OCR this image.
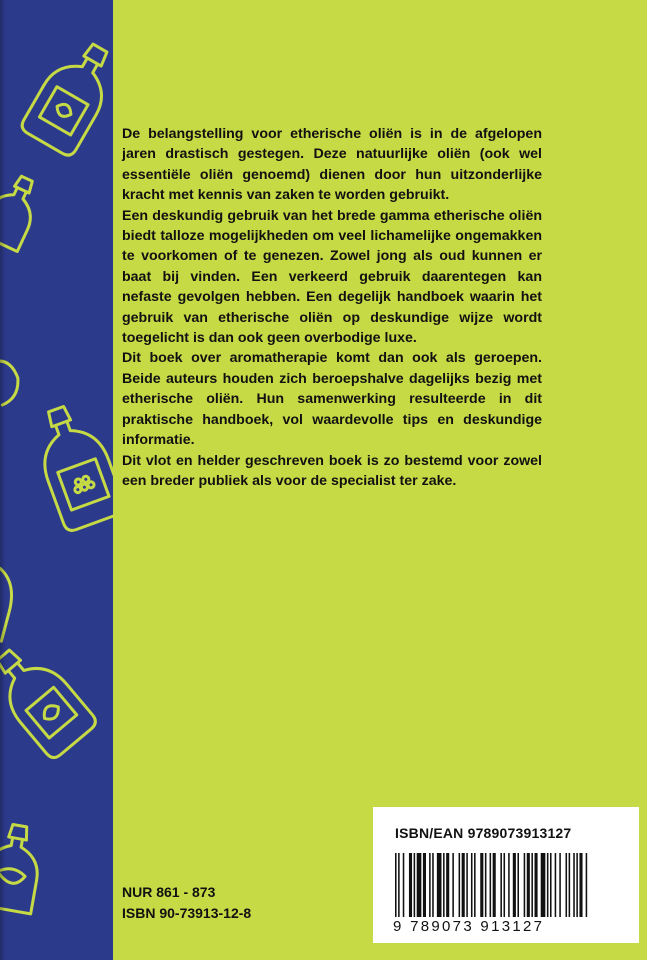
De belangstelling voor etherische oliën is in de afgelopen jaren drastisch gestegen. Deze natuurlijke oliën (ook wel essentiële oliën genoemd) dienen door hun uitzonderlijke kracht met kennis van zaken te worden gebruikt.

Een deskundig gebruik van het brede gamma etherische oliën biedt talloze mogelijkheden om veel lichamelijke ongemakken te voorkomen of te genezen. Zowel jong als oud kunnen er baat bij vinden. Een verkeerd gebruik daarentegen kan nefaste gevolgen hebben. Een degelijk handboek waarin het gebruik van etherische oliën op deskundige wijze wordt toegelicht is dan ook geen overbodige luxe.

Dit boek over aromatherapie komt dan ook als geroepen. Beide auteurs houden zich beroepshalve dagelijks bezig met etherische oliën. Hun samenwerking resulteerde in dit praktische handboek, vol waardevolle tips en deskundige informatie.

Dit vlot en helder geschreven boek is zo bestemd voor zowel een breder publiek als voor de specialist ter zake.

NUR 861 - 873
ISBN 90-73913-12-8
ISBN/EAN 9789073913127
9 789073 913127
